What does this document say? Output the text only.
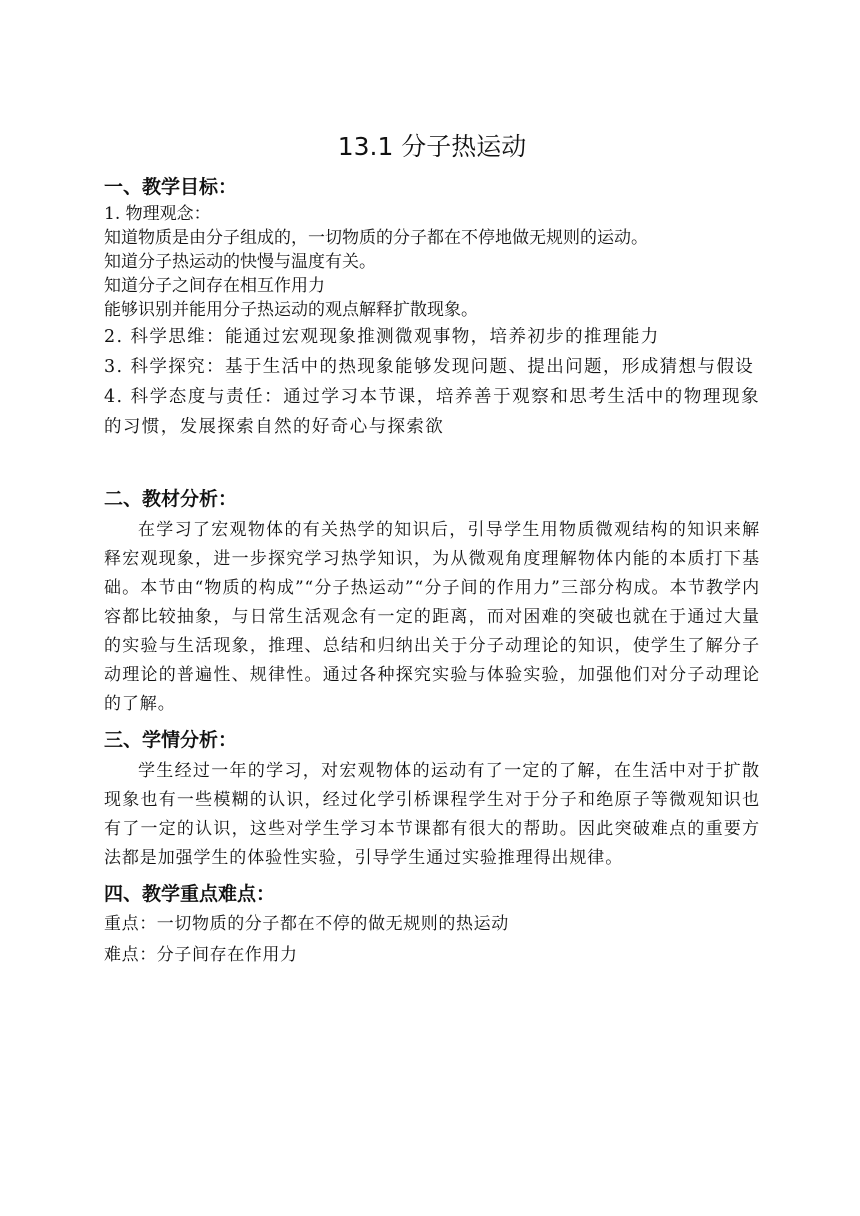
13.1 分子热运动
一、教学目标：

1. 物理观念：

知道物质是由分子组成的，一切物质的分子都在不停地做无规则的运动。

知道分子热运动的快慢与温度有关。

知道分子之间存在相互作用力

能够识别并能用分子热运动的观点解释扩散现象。

2. 科学思维：能通过宏观现象推测微观事物，培养初步的推理能力

3. 科学探究：基于生活中的热现象能够发现问题、提出问题，形成猜想与假设

4. 科学态度与责任：通过学习本节课，培养善于观察和思考生活中的物理现象的习惯，发展探索自然的好奇心与探索欲

二、教材分析：

在学习了宏观物体的有关热学的知识后，引导学生用物质微观结构的知识来解释宏观现象，进一步探究学习热学知识，为从微观角度理解物体内能的本质打下基础。本节由“物质的构成”“分子热运动”“分子间的作用力”三部分构成。本节教学内容都比较抽象，与日常生活观念有一定的距离，而对困难的突破也就在于通过大量的实验与生活现象，推理、总结和归纳出关于分子动理论的知识，使学生了解分子动理论的普遍性、规律性。通过各种探究实验与体验实验，加强他们对分子动理论的了解。

三、学情分析：

学生经过一年的学习，对宏观物体的运动有了一定的了解，在生活中对于扩散现象也有一些模糊的认识，经过化学引桥课程学生对于分子和绝原子等微观知识也有了一定的认识，这些对学生学习本节课都有很大的帮助。因此突破难点的重要方法都是加强学生的体验性实验，引导学生通过实验推理得出规律。

四、教学重点难点：

重点：一切物质的分子都在不停的做无规则的热运动

难点：分子间存在作用力
